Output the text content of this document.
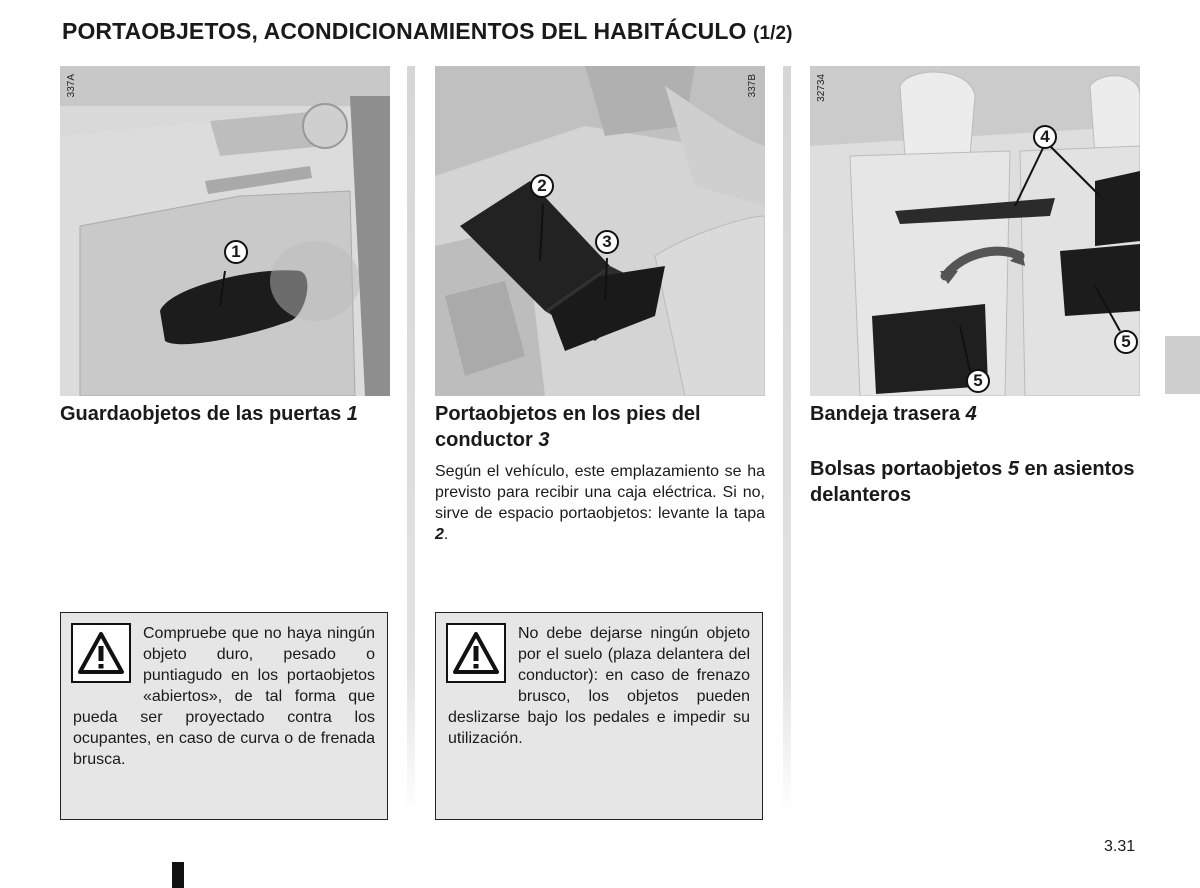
PORTAOBJETOS, ACONDICIONAMIENTOS DEL HABITÁCULO (1/2)
337A
1
Guardaobjetos de las puertas 1
Compruebe que no haya ningún objeto duro, pesado o puntiagudo en los portaobjetos «abiertos», de tal forma que pueda ser proyectado contra los ocupantes, en caso de curva o de frenada brusca.
337B
2
3
Portaobjetos en los pies del conductor 3
Según el vehículo, este emplazamiento se ha previsto para recibir una caja eléctrica. Si no, sirve de espacio portaobjetos: levante la tapa 2.
No debe dejarse ningún objeto por el suelo (plaza delantera del conductor): en caso de frenazo brusco, los objetos pueden deslizarse bajo los pedales e impedir su utilización.
32734
4
5
5
Bandeja trasera 4
Bolsas portaobjetos 5 en asientos delanteros
3.31
